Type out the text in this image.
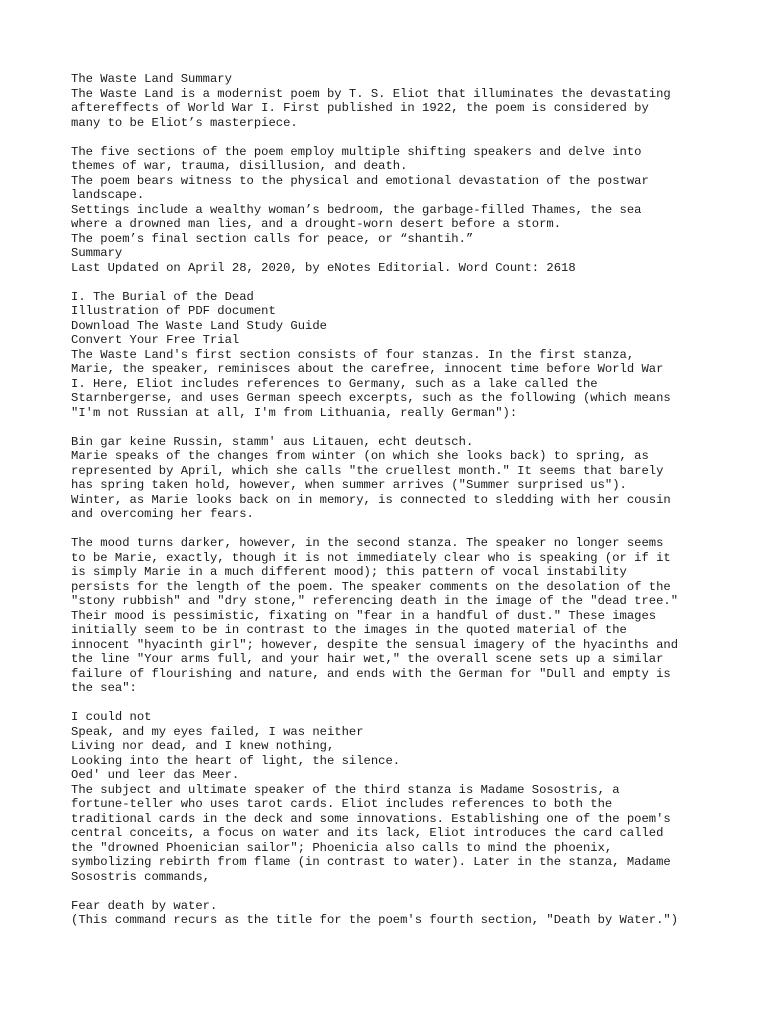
The Waste Land Summary
The Waste Land is a modernist poem by T. S. Eliot that illuminates the devastating
aftereffects of World War I. First published in 1922, the poem is considered by
many to be Eliot’s masterpiece.
The five sections of the poem employ multiple shifting speakers and delve into
themes of war, trauma, disillusion, and death.
The poem bears witness to the physical and emotional devastation of the postwar
landscape.
Settings include a wealthy woman’s bedroom, the garbage-filled Thames, the sea
where a drowned man lies, and a drought-worn desert before a storm.
The poem’s final section calls for peace, or “shantih.”
Summary
Last Updated on April 28, 2020, by eNotes Editorial. Word Count: 2618
I. The Burial of the Dead
Illustration of PDF document
Download The Waste Land Study Guide
Convert Your Free Trial
The Waste Land's first section consists of four stanzas. In the first stanza,
Marie, the speaker, reminisces about the carefree, innocent time before World War
I. Here, Eliot includes references to Germany, such as a lake called the
Starnbergerse, and uses German speech excerpts, such as the following (which means
"I'm not Russian at all, I'm from Lithuania, really German"):
Bin gar keine Russin, stamm' aus Litauen, echt deutsch.
Marie speaks of the changes from winter (on which she looks back) to spring, as
represented by April, which she calls "the cruellest month." It seems that barely
has spring taken hold, however, when summer arrives ("Summer surprised us").
Winter, as Marie looks back on in memory, is connected to sledding with her cousin
and overcoming her fears.
The mood turns darker, however, in the second stanza. The speaker no longer seems
to be Marie, exactly, though it is not immediately clear who is speaking (or if it
is simply Marie in a much different mood); this pattern of vocal instability
persists for the length of the poem. The speaker comments on the desolation of the
"stony rubbish" and "dry stone," referencing death in the image of the "dead tree."
Their mood is pessimistic, fixating on "fear in a handful of dust." These images
initially seem to be in contrast to the images in the quoted material of the
innocent "hyacinth girl"; however, despite the sensual imagery of the hyacinths and
the line "Your arms full, and your hair wet," the overall scene sets up a similar
failure of flourishing and nature, and ends with the German for "Dull and empty is
the sea":
I could not
Speak, and my eyes failed, I was neither
Living nor dead, and I knew nothing,
Looking into the heart of light, the silence.
Oed' und leer das Meer.
The subject and ultimate speaker of the third stanza is Madame Sosostris, a
fortune-teller who uses tarot cards. Eliot includes references to both the
traditional cards in the deck and some innovations. Establishing one of the poem's
central conceits, a focus on water and its lack, Eliot introduces the card called
the "drowned Phoenician sailor"; Phoenicia also calls to mind the phoenix,
symbolizing rebirth from flame (in contrast to water). Later in the stanza, Madame
Sosostris commands,
Fear death by water.
(This command recurs as the title for the poem's fourth section, "Death by Water.")
